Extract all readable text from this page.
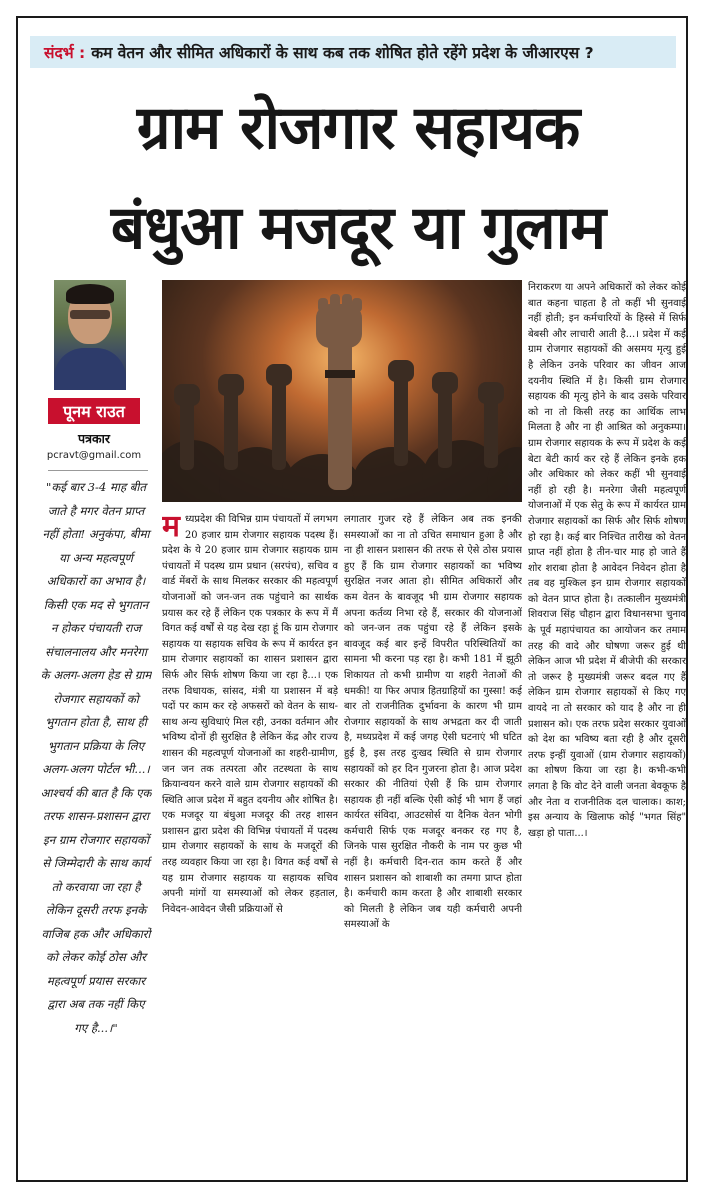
संदर्भ : कम वेतन और सीमित अधिकारों के साथ कब तक शोषित होते रहेंगे प्रदेश के जीआरएस ?
ग्राम रोजगार सहायक
बंधुआ मजदूर या गुलाम
पूनम राउत
पत्रकार
pcravt@gmail.com
"कई बार 3-4 माह बीत जाते है मगर वेतन प्राप्त नहीं होता! अनुकंपा, बीमा या अन्य महत्वपूर्ण अधिकारों का अभाव है। किसी एक मद से भुगतान न होकर पंचायती राज संचालनालय और मनरेगा के अलग-अलग हेड से ग्राम रोजगार सहायकों को भुगतान होता है, साथ ही भुगतान प्रक्रिया के लिए अलग-अलग पोर्टल भी...। आश्चर्य की बात है कि एक तरफ शासन-प्रशासन द्वारा इन ग्राम रोजगार सहायकों से जिम्मेदारी के साथ कार्य तो करवाया जा रहा है लेकिन दूसरी तरफ इनके वाजिब हक और अधिकारों को लेकर कोई ठोस और महत्वपूर्ण प्रयास सरकार द्वारा अब तक नहीं किए गए है...।"
म ध्यप्रदेश की विभिन्न ग्राम पंचायतों में लगभग 20 हजार ग्राम रोजगार सहायक पदस्थ हैं। प्रदेश के ये 20 हजार ग्राम रोजगार सहायक ग्राम पंचायतों में पदस्थ ग्राम प्रधान (सरपंच), सचिव व वार्ड मेंबरों के साथ मिलकर सरकार की महत्वपूर्ण योजनाओं को जन-जन तक पहुंचाने का सार्थक प्रयास कर रहे हैं लेकिन एक पत्रकार के रूप में मैं विगत कई वर्षों से यह देख रहा हूं कि ग्राम रोजगार सहायक या सहायक सचिव के रूप में कार्यरत इन ग्राम रोजगार सहायकों का शासन प्रशासन द्वारा सिर्फ और सिर्फ शोषण किया जा रहा है...। एक तरफ विधायक, सांसद, मंत्री या प्रशासन में बड़े पदों पर काम कर रहे अफसरों को वेतन के साथ-साथ अन्य सुविधाएं मिल रही, उनका वर्तमान और भविष्य दोनों ही सुरक्षित है लेकिन केंद्र और राज्य शासन की महत्वपूर्ण योजनाओं का शहरी-ग्रामीण, जन जन तक तत्परता और तटस्थता के साथ क्रियान्वयन करने वाले ग्राम रोजगार सहायकों की स्थिति आज प्रदेश में बहुत दयनीय और शोषित है। एक मजदूर या बंधुआ मजदूर की तरह शासन प्रशासन द्वारा प्रदेश की विभिन्न पंचायतों में पदस्थ ग्राम रोजगार सहायकों के साथ के मजदूरों की तरह व्यवहार किया जा रहा है। विगत कई वर्षों से यह ग्राम रोजगार सहायक या सहायक सचिव अपनी मांगों या समस्याओं को लेकर हड़ताल, निवेदन-आवेदन जैसी प्रक्रियाओं से
लगातार गुजर रहे हैं लेकिन अब तक इनकी समस्याओं का ना तो उचित समाधान हुआ है और ना ही शासन प्रशासन की तरफ से ऐसे ठोस प्रयास हुए हैं कि ग्राम रोजगार सहायकों का भविष्य सुरक्षित नजर आता हो। सीमित अधिकारों और कम वेतन के बावजूद भी ग्राम रोजगार सहायक अपना कर्तव्य निभा रहे हैं, सरकार की योजनाओं को जन-जन तक पहुंचा रहे हैं लेकिन इसके बावजूद कई बार इन्हें विपरीत परिस्थितियों का सामना भी करना पड़ रहा है। कभी 181 में झूठी शिकायत तो कभी ग्रामीण या शहरी नेताओं की धमकी! या फिर अपात्र हितग्राहियों का गुस्सा! कई बार तो राजनीतिक दुर्भावना के कारण भी ग्राम रोजगार सहायकों के साथ अभद्रता कर दी जाती है, मध्यप्रदेश में कई जगह ऐसी घटनाएं भी घटित हुई है, इस तरह दुःखद स्थिति से ग्राम रोजगार सहायकों को हर दिन गुजरना होता है। आज प्रदेश सरकार की नीतियां ऐसी हैं कि ग्राम रोजगार सहायक ही नहीं बल्कि ऐसी कोई भी भाग हैं जहां कार्यरत संविदा, आउटसोर्स या दैनिक वेतन भोगी कर्मचारी सिर्फ एक मजदूर बनकर रह गए है, जिनके पास सुरक्षित नौकरी के नाम पर कुछ भी नहीं है। कर्मचारी दिन-रात काम करते हैं और शासन प्रशासन को शाबाशी का तमगा प्राप्त होता है। कर्मचारी काम करता है और शाबाशी सरकार को मिलती है लेकिन जब यही कर्मचारी अपनी समस्याओं के
निराकरण या अपने अधिकारों को लेकर कोई बात कहना चाहता है तो कहीं भी सुनवाई नहीं होती; इन कर्मचारियों के हिस्से में सिर्फ बेबसी और लाचारी आती है...। प्रदेश में कई ग्राम रोजगार सहायकों की असमय मृत्यु हुई है लेकिन उनके परिवार का जीवन आज दयनीय स्थिति में है। किसी ग्राम रोजगार सहायक की मृत्यु होने के बाद उसके परिवार को ना तो किसी तरह का आर्थिक लाभ मिलता है और ना ही आश्रित को अनुकम्पा। ग्राम रोजगार सहायक के रूप में प्रदेश के कई बेटा बेटी कार्य कर रहे हैं लेकिन इनके हक और अधिकार को लेकर कहीं भी सुनवाई नहीं हो रही है। मनरेगा जैसी महत्वपूर्ण योजनाओं में एक सेतु के रूप में कार्यरत ग्राम रोजगार सहायकों का सिर्फ और सिर्फ शोषण हो रहा है। कई बार निश्चित तारीख को वेतन प्राप्त नहीं होता है तीन-चार माह हो जाते हैं शोर शराबा होता है आवेदन निवेदन होता है तब वह मुश्किल इन ग्राम रोजगार सहायकों को वेतन प्राप्त होता है। तत्कालीन मुख्यमंत्री शिवराज सिंह चौहान द्वारा विधानसभा चुनाव के पूर्व महापंचायत का आयोजन कर तमाम तरह की वादे और घोषणा जरूर हुई थी लेकिन आज भी प्रदेश में बीजेपी की सरकार तो जरूर है मुख्यमंत्री जरूर बदल गए हैं लेकिन ग्राम रोजगार सहायकों से किए गए वायदे ना तो सरकार को याद है और ना ही प्रशासन को। एक तरफ प्रदेश सरकार युवाओं को देश का भविष्य बता रही है और दूसरी तरफ इन्हीं युवाओं (ग्राम रोजगार सहायकों) का शोषण किया जा रहा है। कभी-कभी लगता है कि वोट देने वाली जनता बेवकूफ है और नेता व राजनीतिक दल चालाक। काश; इस अन्याय के खिलाफ कोई "भगत सिंह" खड़ा हो पाता...।
